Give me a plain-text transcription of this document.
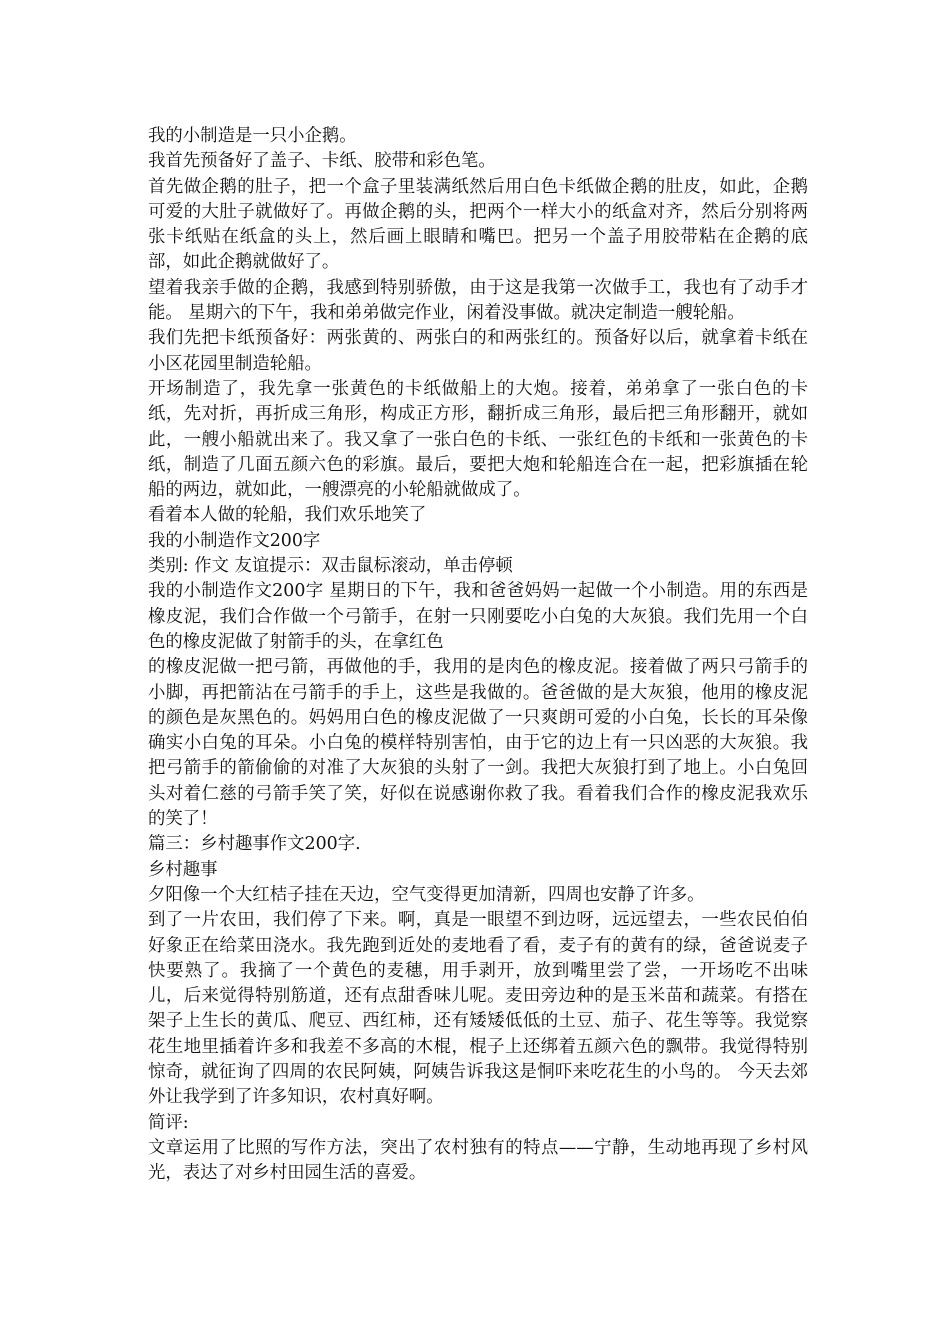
我的小制造是一只小企鹅。

我首先预备好了盖子、卡纸、胶带和彩色笔。

首先做企鹅的肚子，把一个盒子里装满纸然后用白色卡纸做企鹅的肚皮，如此，企鹅可爱的大肚子就做好了。再做企鹅的头，把两个一样大小的纸盒对齐，然后分别将两张卡纸贴在纸盒的头上，然后画上眼睛和嘴巴。把另一个盖子用胶带粘在企鹅的底部，如此企鹅就做好了。

望着我亲手做的企鹅，我感到特别骄傲，由于这是我第一次做手工，我也有了动手才能。 星期六的下午，我和弟弟做完作业，闲着没事做。就决定制造一艘轮船。

我们先把卡纸预备好：两张黄的、两张白的和两张红的。预备好以后，就拿着卡纸在小区花园里制造轮船。

开场制造了，我先拿一张黄色的卡纸做船上的大炮。接着，弟弟拿了一张白色的卡纸，先对折，再折成三角形，构成正方形，翻折成三角形，最后把三角形翻开，就如此，一艘小船就出来了。我又拿了一张白色的卡纸、一张红色的卡纸和一张黄色的卡纸，制造了几面五颜六色的彩旗。最后，要把大炮和轮船连合在一起，把彩旗插在轮船的两边，就如此，一艘漂亮的小轮船就做成了。

看着本人做的轮船，我们欢乐地笑了

我的小制造作文200字

类别: 作文 友谊提示：双击鼠标滚动，单击停顿

我的小制造作文200字 星期日的下午，我和爸爸妈妈一起做一个小制造。用的东西是橡皮泥，我们合作做一个弓箭手，在射一只刚要吃小白兔的大灰狼。我们先用一个白色的橡皮泥做了射箭手的头，在拿红色

的橡皮泥做一把弓箭，再做他的手，我用的是肉色的橡皮泥。接着做了两只弓箭手的小脚，再把箭沾在弓箭手的手上，这些是我做的。爸爸做的是大灰狼，他用的橡皮泥的颜色是灰黑色的。妈妈用白色的橡皮泥做了一只爽朗可爱的小白兔，长长的耳朵像确实小白兔的耳朵。小白兔的模样特别害怕，由于它的边上有一只凶恶的大灰狼。我把弓箭手的箭偷偷的对准了大灰狼的头射了一剑。我把大灰狼打到了地上。小白兔回头对着仁慈的弓箭手笑了笑，好似在说感谢你救了我。看着我们合作的橡皮泥我欢乐的笑了！

篇三：乡村趣事作文200字.

乡村趣事

夕阳像一个大红桔子挂在天边，空气变得更加清新，四周也安静了许多。

到了一片农田，我们停了下来。啊，真是一眼望不到边呀，远远望去，一些农民伯伯好象正在给菜田浇水。我先跑到近处的麦地看了看，麦子有的黄有的绿，爸爸说麦子快要熟了。我摘了一个黄色的麦穗，用手剥开，放到嘴里尝了尝，一开场吃不出味儿，后来觉得特别筋道，还有点甜香味儿呢。麦田旁边种的是玉米苗和蔬菜。有搭在架子上生长的黄瓜、爬豆、西红柿，还有矮矮低低的土豆、茄子、花生等等。我觉察花生地里插着许多和我差不多高的木棍，棍子上还绑着五颜六色的飘带。我觉得特别惊奇，就征询了四周的农民阿姨，阿姨告诉我这是恫吓来吃花生的小鸟的。 今天去郊外让我学到了许多知识，农村真好啊。

简评:

文章运用了比照的写作方法，突出了农村独有的特点——宁静，生动地再现了乡村风光，表达了对乡村田园生活的喜爱。
